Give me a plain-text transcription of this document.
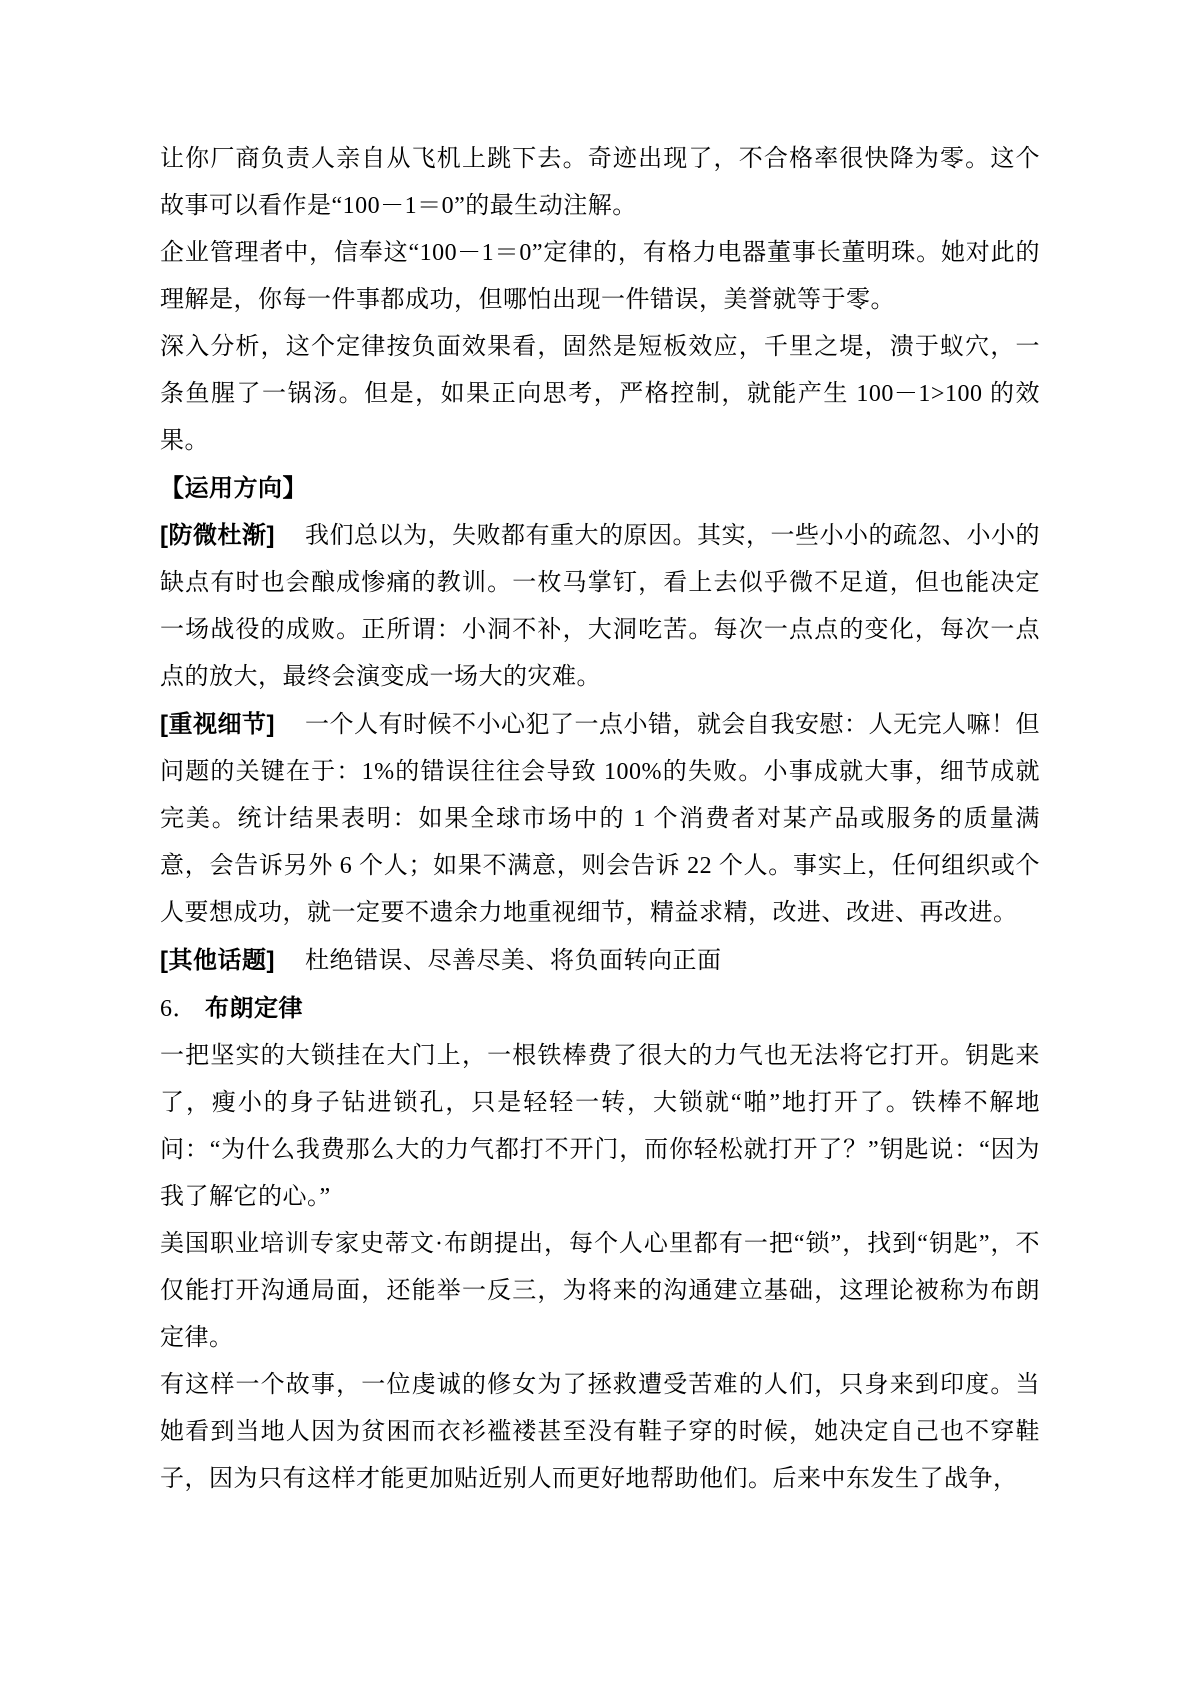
让你厂商负责人亲自从飞机上跳下去。奇迹出现了，不合格率很快降为零。这个故事可以看作是“100－1＝0”的最生动注解。

企业管理者中，信奉这“100－1＝0”定律的，有格力电器董事长董明珠。她对此的理解是，你每一件事都成功，但哪怕出现一件错误，美誉就等于零。

深入分析，这个定律按负面效果看，固然是短板效应，千里之堤，溃于蚁穴，一条鱼腥了一锅汤。但是，如果正向思考，严格控制，就能产生 100－1>100 的效果。

【运用方向】

[防微杜渐] 我们总以为，失败都有重大的原因。其实，一些小小的疏忽、小小的缺点有时也会酿成惨痛的教训。一枚马掌钉，看上去似乎微不足道，但也能决定一场战役的成败。正所谓：小洞不补，大洞吃苦。每次一点点的变化，每次一点点的放大，最终会演变成一场大的灾难。

[重视细节] 一个人有时候不小心犯了一点小错，就会自我安慰：人无完人嘛！但问题的关键在于：1%的错误往往会导致 100%的失败。小事成就大事，细节成就完美。统计结果表明：如果全球市场中的 1 个消费者对某产品或服务的质量满意，会告诉另外 6 个人；如果不满意，则会告诉 22 个人。事实上，任何组织或个人要想成功，就一定要不遗余力地重视细节，精益求精，改进、改进、再改进。

[其他话题] 杜绝错误、尽善尽美、将负面转向正面

6． 布朗定律

一把坚实的大锁挂在大门上，一根铁棒费了很大的力气也无法将它打开。钥匙来了，瘦小的身子钻进锁孔，只是轻轻一转，大锁就“啪”地打开了。铁棒不解地问：“为什么我费那么大的力气都打不开门，而你轻松就打开了？”钥匙说：“因为我了解它的心。”

美国职业培训专家史蒂文·布朗提出，每个人心里都有一把“锁”，找到“钥匙”，不仅能打开沟通局面，还能举一反三，为将来的沟通建立基础，这理论被称为布朗定律。

有这样一个故事，一位虔诚的修女为了拯救遭受苦难的人们，只身来到印度。当她看到当地人因为贫困而衣衫褴褛甚至没有鞋子穿的时候，她决定自己也不穿鞋子，因为只有这样才能更加贴近别人而更好地帮助他们。后来中东发生了战争，
